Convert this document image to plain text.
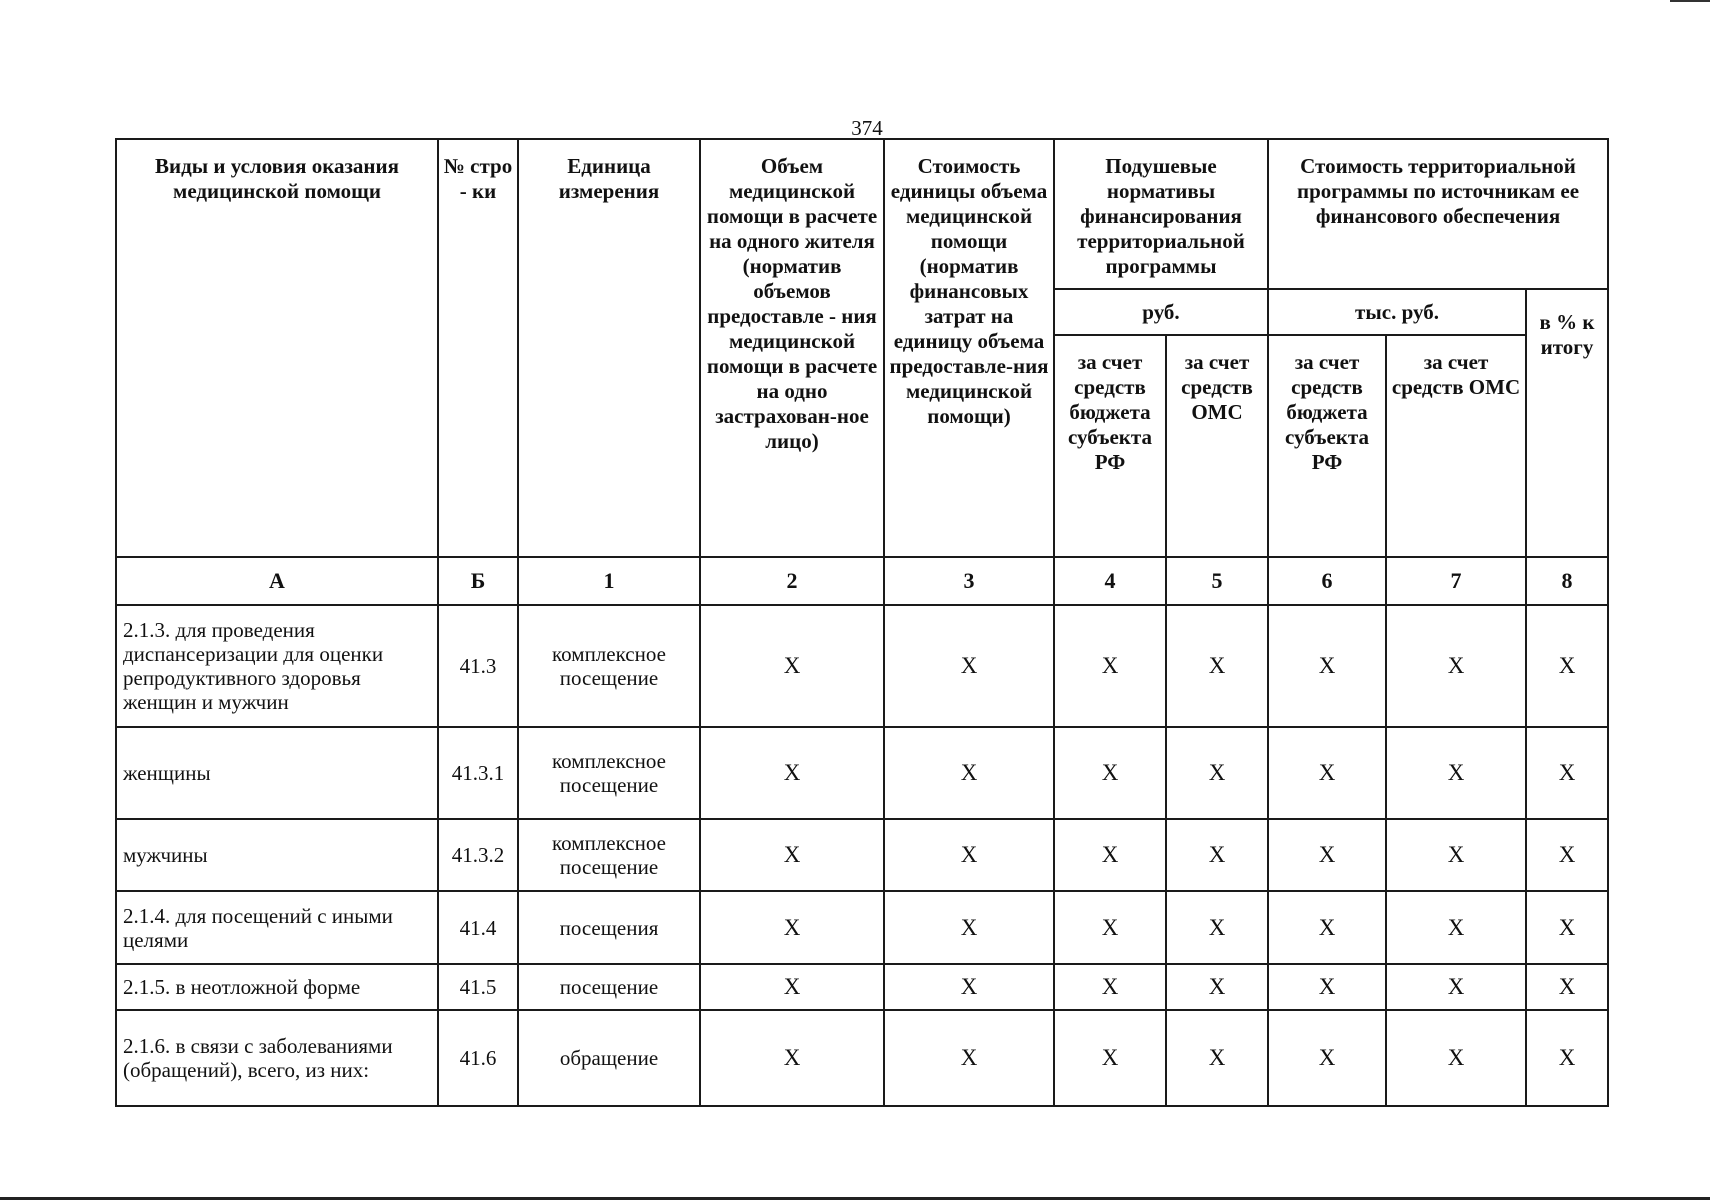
374
Виды и условия оказания медицинской помощи	№ стро - ки	Единица измерения	Объем медицинской помощи в расчете на одного жителя (норматив объемов предоставле - ния медицинской помощи в расчете на одно застрахован-ное лицо)	Стоимость единицы объема медицинской помощи (норматив финансовых затрат на единицу объема предоставле-ния медицинской помощи)	Подушевые нормативы финансирования территориальной программы		Стоимость территориальной программы по источникам ее финансового обеспечения		
					руб.		тыс. руб.		в % к итогу
					за счет средств бюджета субъекта РФ	за счет средств ОМС	за счет средств бюджета субъекта РФ	за счет средств ОМС	
А	Б	1	2	3	4	5	6	7	8
2.1.3. для проведения диспансеризации для оценки репродуктивного здоровья женщин и мужчин	41.3	комплексное посещение	Х	Х	Х	Х	Х	Х	Х
женщины	41.3.1	комплексное посещение	Х	Х	Х	Х	Х	Х	Х
мужчины	41.3.2	комплексное посещение	Х	Х	Х	Х	Х	Х	Х
2.1.4. для посещений с иными целями	41.4	посещения	Х	Х	Х	Х	Х	Х	Х
2.1.5. в неотложной форме	41.5	посещение	Х	Х	Х	Х	Х	Х	Х
2.1.6. в связи с заболеваниями (обращений), всего, из них:	41.6	обращение	Х	Х	Х	Х	Х	Х	Х
